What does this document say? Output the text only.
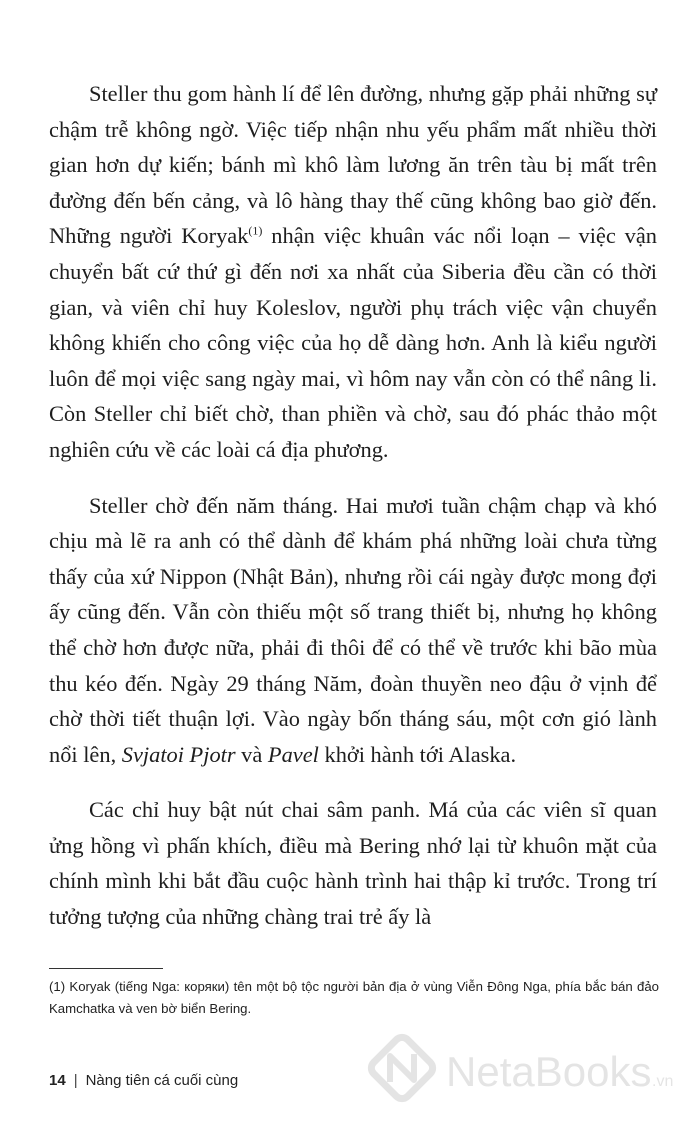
Steller thu gom hành lí để lên đường, nhưng gặp phải những sự chậm trễ không ngờ. Việc tiếp nhận nhu yếu phẩm mất nhiều thời gian hơn dự kiến; bánh mì khô làm lương ăn trên tàu bị mất trên đường đến bến cảng, và lô hàng thay thế cũng không bao giờ đến. Những người Koryak$^{(1)}$ nhận việc khuân vác nổi loạn – việc vận chuyển bất cứ thứ gì đến nơi xa nhất của Siberia đều cần có thời gian, và viên chỉ huy Koleslov, người phụ trách việc vận chuyển không khiến cho công việc của họ dễ dàng hơn. Anh là kiểu người luôn để mọi việc sang ngày mai, vì hôm nay vẫn còn có thể nâng li. Còn Steller chỉ biết chờ, than phiền và chờ, sau đó phác thảo một nghiên cứu về các loài cá địa phương.

Steller chờ đến năm tháng. Hai mươi tuần chậm chạp và khó chịu mà lẽ ra anh có thể dành để khám phá những loài chưa từng thấy của xứ Nippon (Nhật Bản), nhưng rồi cái ngày được mong đợi ấy cũng đến. Vẫn còn thiếu một số trang thiết bị, nhưng họ không thể chờ hơn được nữa, phải đi thôi để có thể về trước khi bão mùa thu kéo đến. Ngày 29 tháng Năm, đoàn thuyền neo đậu ở vịnh để chờ thời tiết thuận lợi. Vào ngày bốn tháng sáu, một cơn gió lành nổi lên, Svjatoi Pjotr và Pavel khởi hành tới Alaska.

Các chỉ huy bật nút chai sâm panh. Má của các viên sĩ quan ửng hồng vì phấn khích, điều mà Bering nhớ lại từ khuôn mặt của chính mình khi bắt đầu cuộc hành trình hai thập kỉ trước. Trong trí tưởng tượng của những chàng trai trẻ ấy là

(1) Koryak (tiếng Nga: коряки) tên một bộ tộc người bản địa ở vùng Viễn Đông Nga, phía bắc bán đảo Kamchatka và ven bờ biển Bering.
14 | Nàng tiên cá cuối cùng	NetaBooks .vn
